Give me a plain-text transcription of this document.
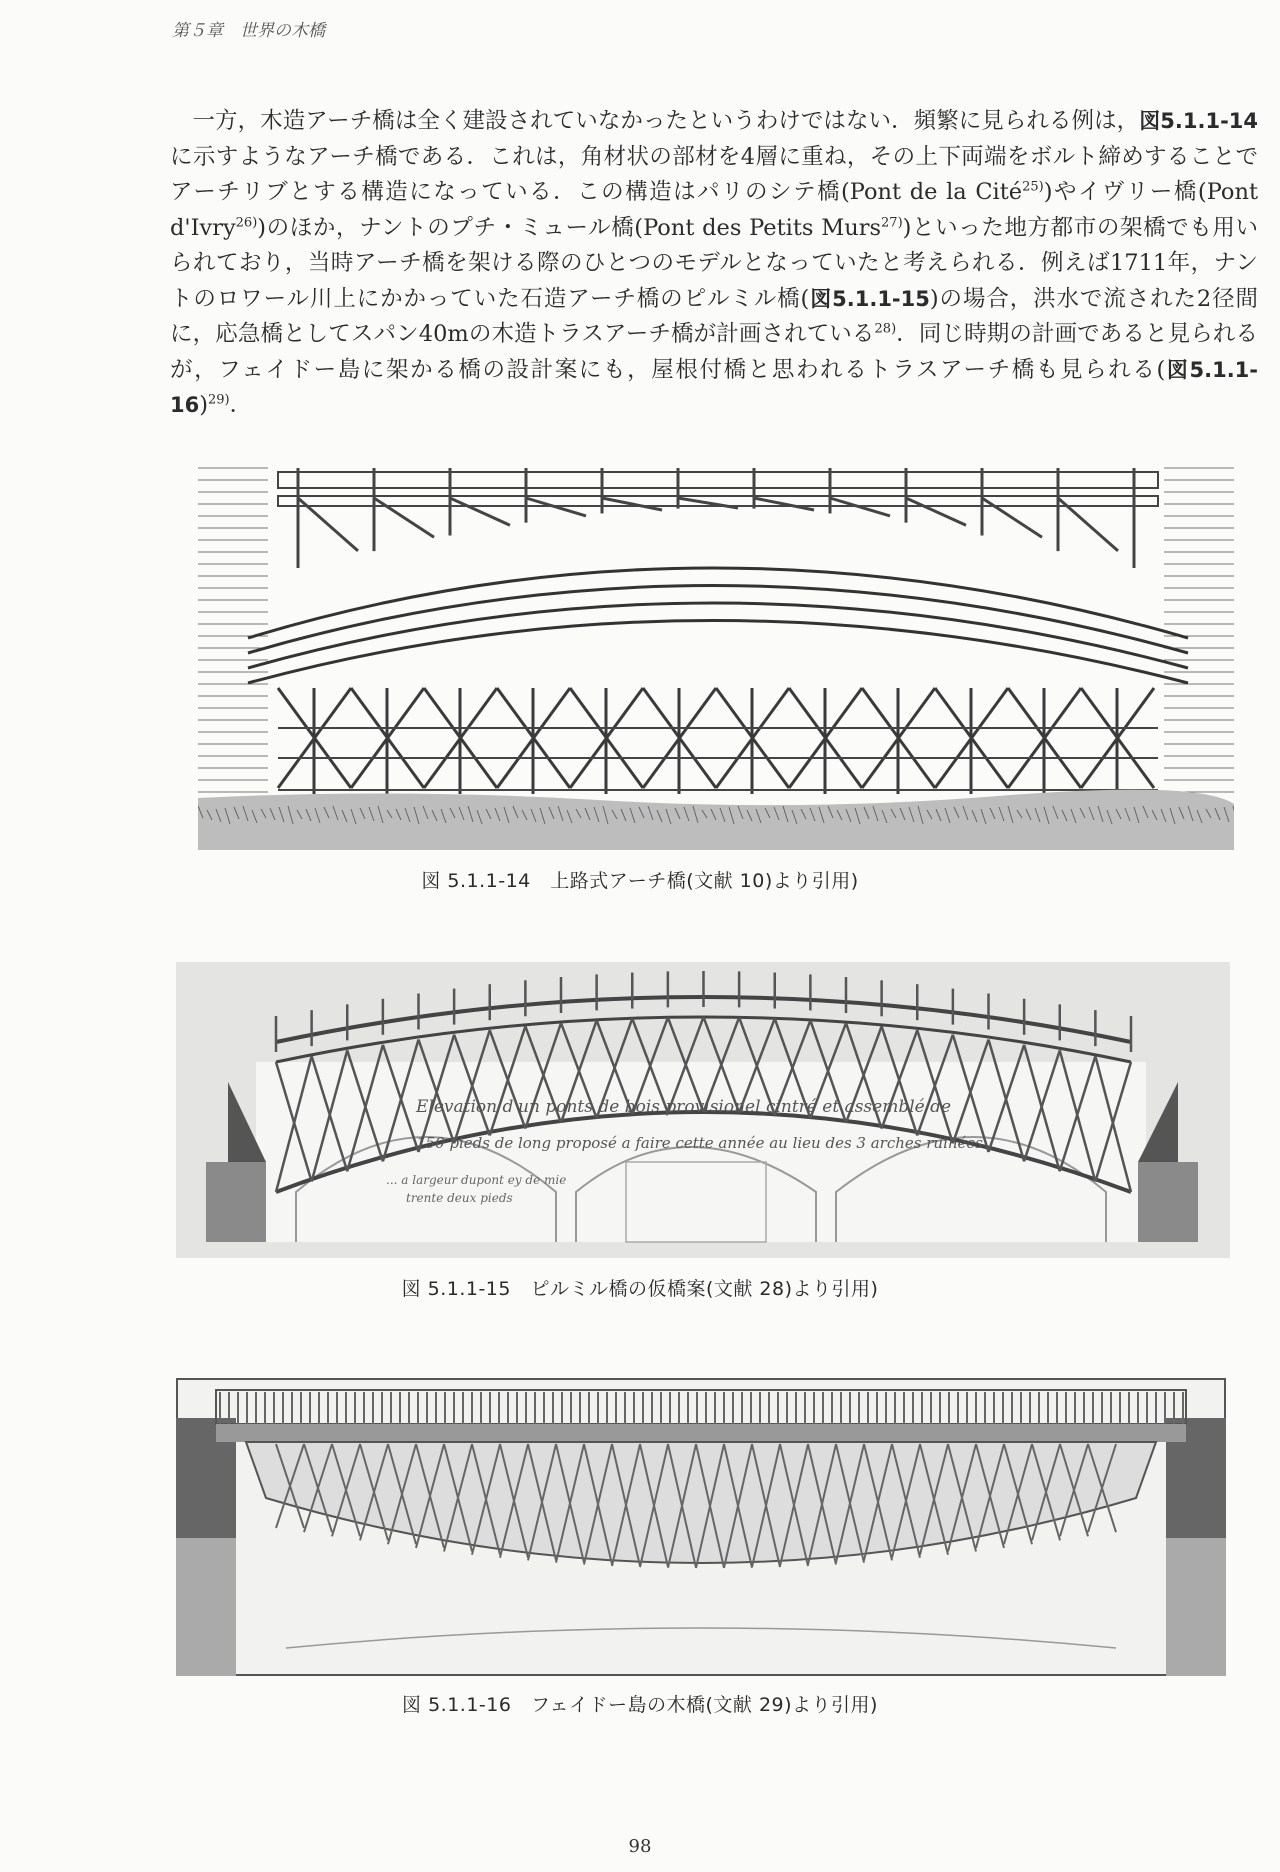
第５章　世界の木橋

一方，木造アーチ橋は全く建設されていなかったというわけではない．頻繁に見られる例は，図5.1.1-14に示すようなアーチ橋である．これは，角材状の部材を4層に重ね，その上下両端をボルト締めすることでアーチリブとする構造になっている．この構造はパリのシテ橋(Pont de la Cité$^{25)}$)やイヴリー橋(Pont d'Ivry$^{26)}$)のほか，ナントのプチ・ミュール橋(Pont des Petits Murs$^{27)}$)といった地方都市の架橋でも用いられており，当時アーチ橋を架ける際のひとつのモデルとなっていたと考えられる．例えば1711年，ナントのロワール川上にかかっていた石造アーチ橋のピルミル橋(図5.1.1-15)の場合，洪水で流された2径間に，応急橋としてスパン40mの木造トラスアーチ橋が計画されている$^{28)}$．同じ時期の計画であると見られるが，フェイドー島に架かる橋の設計案にも，屋根付橋と思われるトラスアーチ橋も見られる(図5.1.1-16)$^{29)}$．

図 5.1.1-14　上路式アーチ橋(文献 10)より引用)
Elevation d'un ponts de bois provisionel cintré et assemblé de
150 pieds de long proposé a faire cette année au lieu des 3 arches ruinées
... a largeur dupont ey de mie
trente deux pieds
図 5.1.1-15　ピルミル橋の仮橋案(文献 28)より引用)
図 5.1.1-16　フェイドー島の木橋(文献 29)より引用)
98
